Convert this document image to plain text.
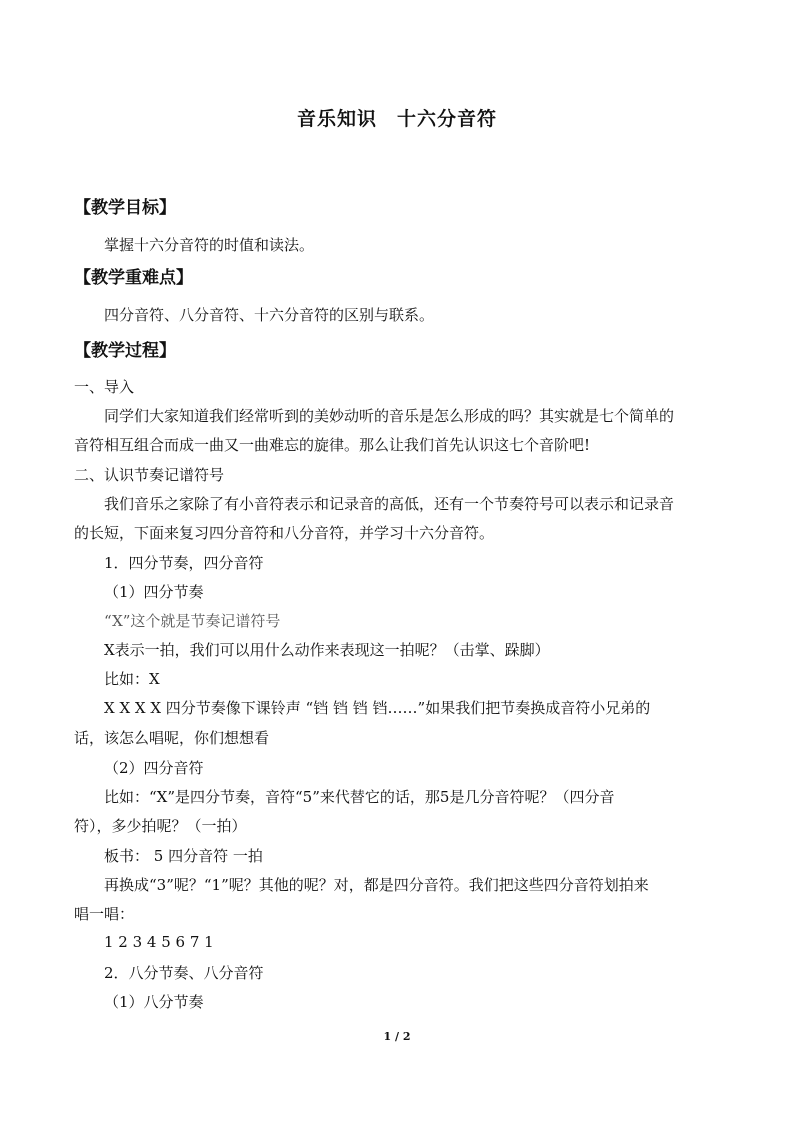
音乐知识　十六分音符
【教学目标】
掌握十六分音符的时值和读法。
【教学重难点】
四分音符、八分音符、十六分音符的区别与联系。
【教学过程】
一、导入
同学们大家知道我们经常听到的美妙动听的音乐是怎么形成的吗？其实就是七个简单的
音符相互组合而成一曲又一曲难忘的旋律。那么让我们首先认识这七个音阶吧!
二、认识节奏记谱符号
我们音乐之家除了有小音符表示和记录音的高低，还有一个节奏符号可以表示和记录音
的长短，下面来复习四分音符和八分音符，并学习十六分音符。
1．四分节奏，四分音符
（1）四分节奏
“X”这个就是节奏记谱符号
X表示一拍，我们可以用什么动作来表现这一拍呢？（击掌、跺脚）
比如：X
X X X X 四分节奏像下课铃声 “铛 铛 铛 铛……”如果我们把节奏换成音符小兄弟的
话，该怎么唱呢，你们想想看
（2）四分音符
比如：“X”是四分节奏，音符“5”来代替它的话，那5是几分音符呢？（四分音
符），多少拍呢？（一拍）
板书： 5 四分音符 一拍
再换成“3”呢？“1”呢？其他的呢？对，都是四分音符。我们把这些四分音符划拍来
唱一唱：
1 2 3 4 5 6 7 1
2．八分节奏、八分音符
（1）八分节奏
1 / 2
